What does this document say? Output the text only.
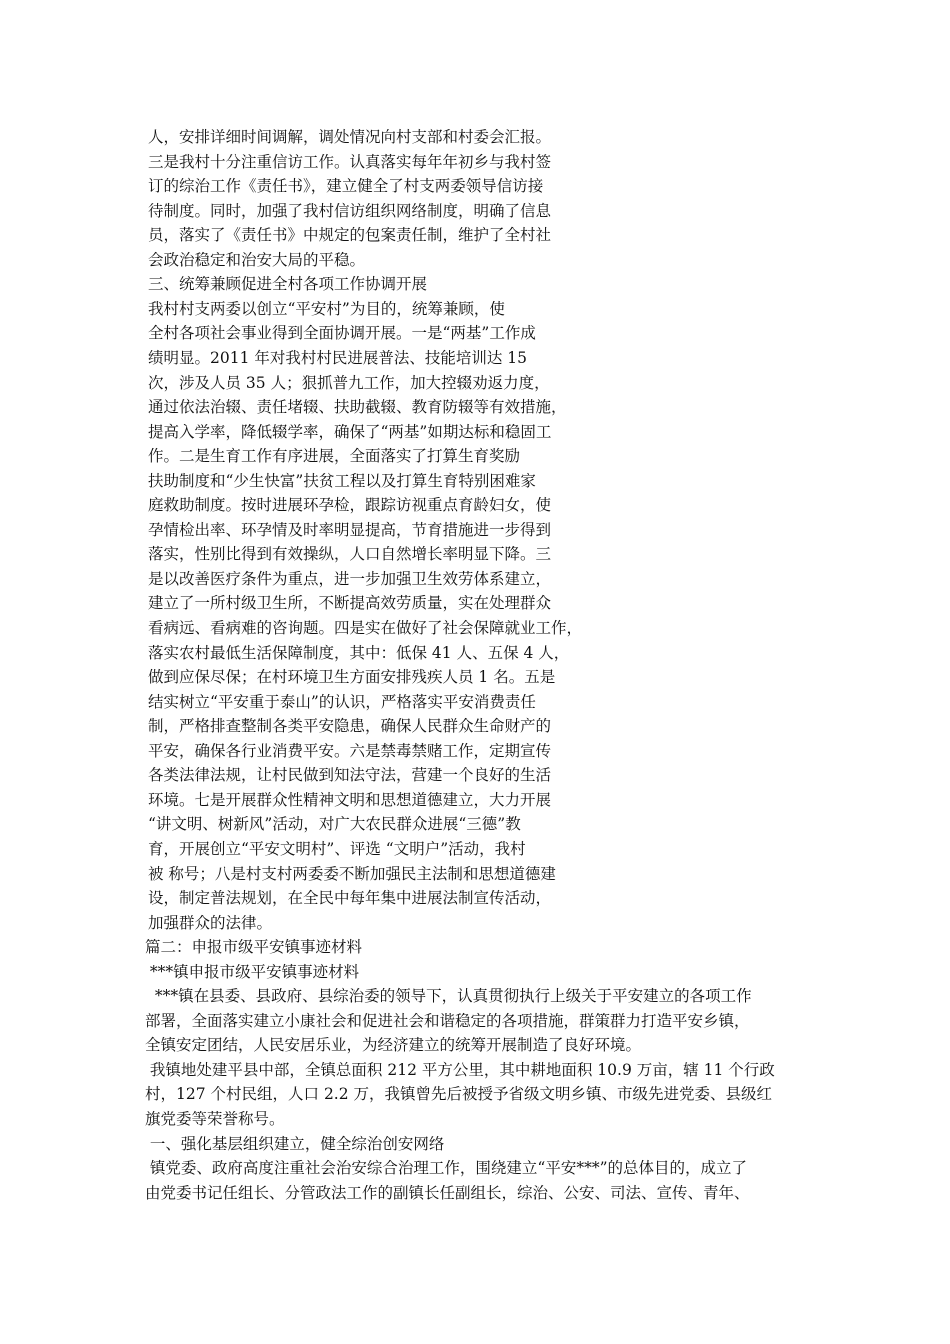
人，安排详细时间调解，调处情况向村支部和村委会汇报。
三是我村十分注重信访工作。认真落实每年年初乡与我村签
订的综治工作《责任书》，建立健全了村支两委领导信访接
待制度。同时，加强了我村信访组织网络制度，明确了信息
员，落实了《责任书》中规定的包案责任制，维护了全村社
会政治稳定和治安大局的平稳。
三、统筹兼顾促进全村各项工作协调开展
我村村支两委以创立“平安村”为目的，统筹兼顾，使
全村各项社会事业得到全面协调开展。一是“两基”工作成
绩明显。2011 年对我村村民进展普法、技能培训达 15
次，涉及人员 35 人；狠抓普九工作，加大控辍劝返力度，
通过依法治辍、责任堵辍、扶助截辍、教育防辍等有效措施，
提高入学率，降低辍学率，确保了“两基”如期达标和稳固工
作。二是生育工作有序进展，全面落实了打算生育奖励
扶助制度和“少生快富”扶贫工程以及打算生育特别困难家
庭救助制度。按时进展环孕检，跟踪访视重点育龄妇女，使
孕情检出率、环孕情及时率明显提高，节育措施进一步得到
落实，性别比得到有效操纵，人口自然增长率明显下降。三
是以改善医疗条件为重点，进一步加强卫生效劳体系建立，
建立了一所村级卫生所，不断提高效劳质量，实在处理群众
看病远、看病难的咨询题。四是实在做好了社会保障就业工作，
落实农村最低生活保障制度，其中：低保 41 人、五保 4 人，
做到应保尽保；在村环境卫生方面安排残疾人员 1 名。五是
结实树立“平安重于泰山”的认识，严格落实平安消费责任
制，严格排查整制各类平安隐患，确保人民群众生命财产的
平安，确保各行业消费平安。六是禁毒禁赌工作，定期宣传
各类法律法规，让村民做到知法守法，营建一个良好的生活
环境。七是开展群众性精神文明和思想道德建立，大力开展
“讲文明、树新风”活动，对广大农民群众进展“三德”教
育，开展创立“平安文明村”、评选 “文明户”活动，我村
被 称号；八是村支村两委委不断加强民主法制和思想道德建
设，制定普法规划，在全民中每年集中进展法制宣传活动，
加强群众的法律。
篇二：申报市级平安镇事迹材料
***镇申报市级平安镇事迹材料
***镇在县委、县政府、县综治委的领导下，认真贯彻执行上级关于平安建立的各项工作
部署，全面落实建立小康社会和促进社会和谐稳定的各项措施，群策群力打造平安乡镇，
全镇安定团结，人民安居乐业，为经济建立的统筹开展制造了良好环境。
我镇地处建平县中部，全镇总面积 212 平方公里，其中耕地面积 10.9 万亩，辖 11 个行政
村，127 个村民组，人口 2.2 万，我镇曾先后被授予省级文明乡镇、市级先进党委、县级红
旗党委等荣誉称号。
一、强化基层组织建立，健全综治创安网络
镇党委、政府高度注重社会治安综合治理工作，围绕建立“平安***”的总体目的，成立了
由党委书记任组长、分管政法工作的副镇长任副组长，综治、公安、司法、宣传、青年、
